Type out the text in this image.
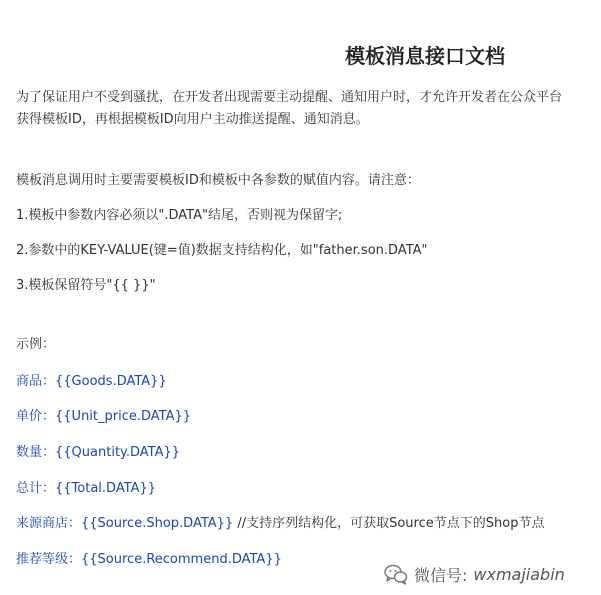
模板消息接口文档
为了保证用户不受到骚扰，在开发者出现需要主动提醒、通知用户时，才允许开发者在公众平台
获得模板ID，再根据模板ID向用户主动推送提醒、通知消息。
模板消息调用时主要需要模板ID和模板中各参数的赋值内容。请注意：
1.模板中参数内容必须以".DATA"结尾，否则视为保留字;
2.参数中的KEY-VALUE(键=值)数据支持结构化，如"father.son.DATA"
3.模板保留符号"{{ }}"
示例：
商品：{{Goods.DATA}}
单价：{{Unit_price.DATA}}
数量：{{Quantity.DATA}}
总计：{{Total.DATA}}
来源商店：{{Source.Shop.DATA}} //支持序列结构化，可获取Source节点下的Shop节点
推荐等级：{{Source.Recommend.DATA}}
微信号: wxmajiabin
